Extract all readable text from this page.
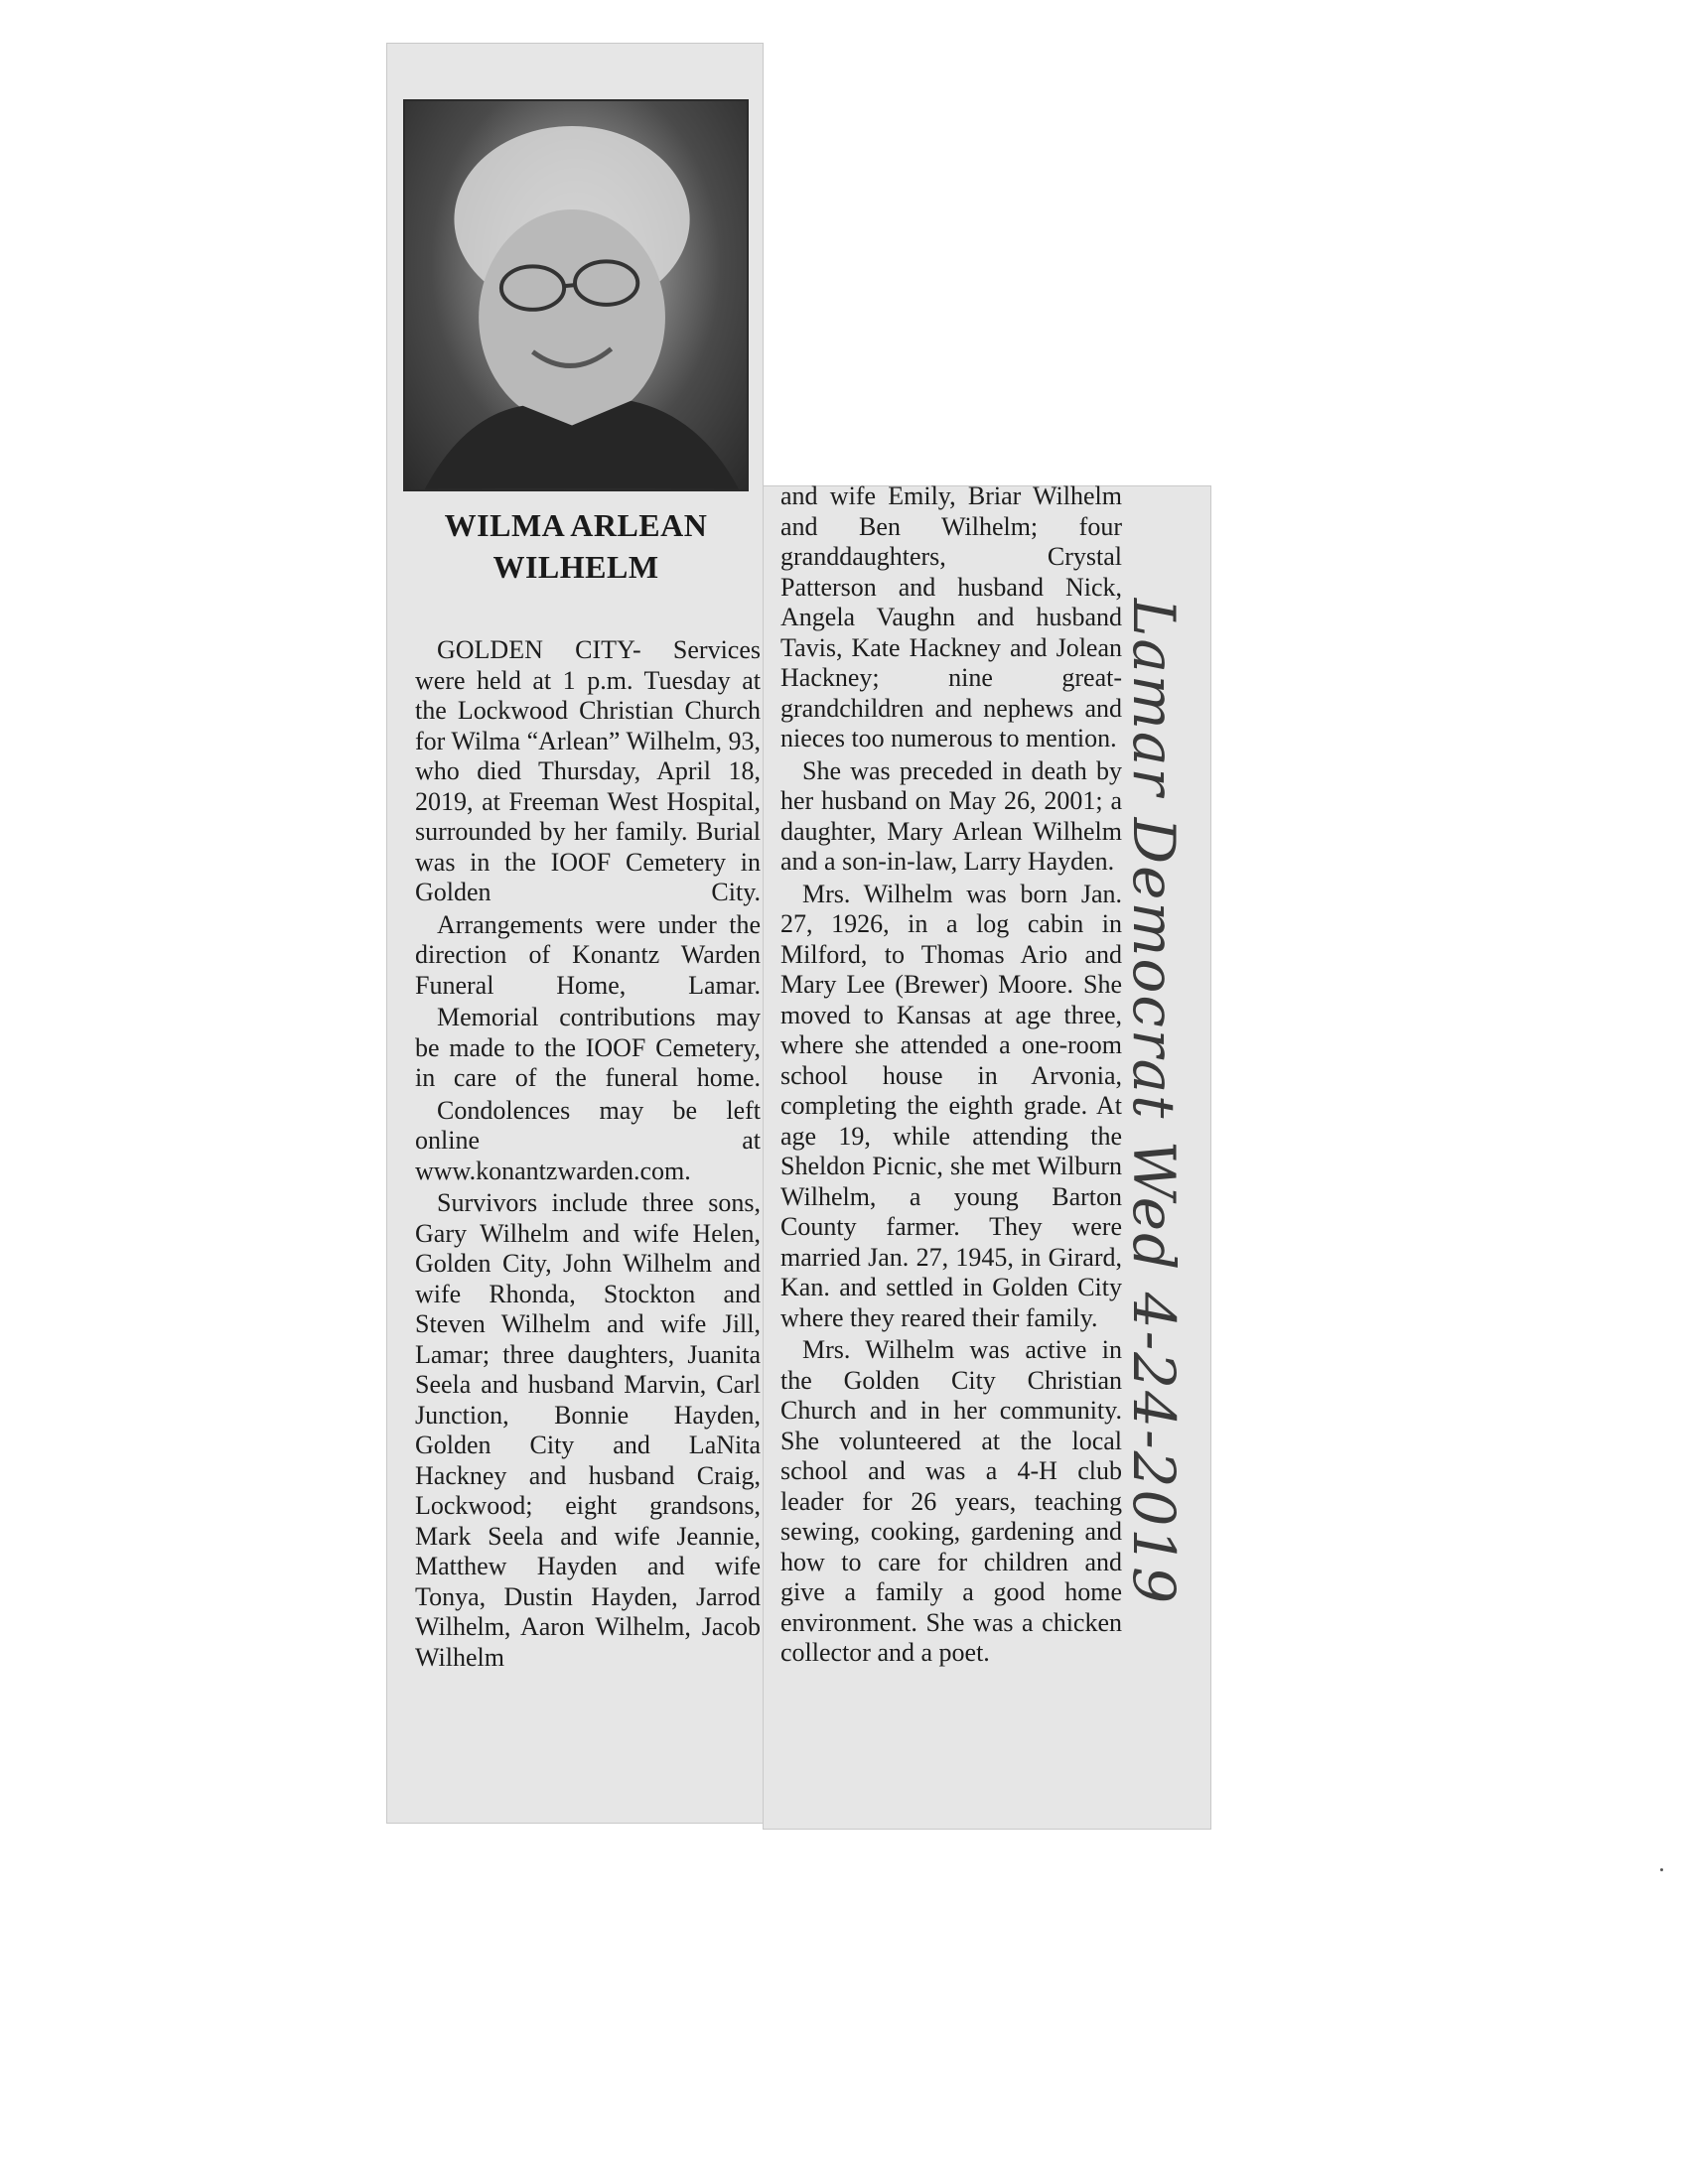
WILMA ARLEAN
WILHELM

GOLDEN CITY- Services were held at 1 p.m. Tuesday at the Lockwood Christian Church for Wilma “Arlean” Wilhelm, 93, who died Thursday, April 18, 2019, at Freeman West Hospital, surrounded by her family. Burial was in the IOOF Cemetery in Golden City.

Arrangements were under the direction of Konantz Warden Funeral Home, Lamar.

Memorial contributions may be made to the IOOF Cemetery, in care of the funeral home.

Condolences may be left online at www.konantzwarden.com.

Survivors include three sons, Gary Wilhelm and wife Helen, Golden City, John Wilhelm and wife Rhonda, Stockton and Steven Wilhelm and wife Jill, Lamar; three daughters, Juanita Seela and husband Marvin, Carl Junction, Bonnie Hayden, Golden City and LaNita Hackney and husband Craig, Lockwood; eight grandsons, Mark Seela and wife Jeannie, Matthew Hayden and wife Tonya, Dustin Hayden, Jarrod Wilhelm, Aaron Wilhelm, Jacob Wilhelm

and wife Emily, Briar Wilhelm and Ben Wilhelm; four granddaughters, Crystal Patterson and husband Nick, Angela Vaughn and husband Tavis, Kate Hackney and Jolean Hackney; nine great-grandchildren and nephews and nieces too numerous to mention.

She was preceded in death by her husband on May 26, 2001; a daughter, Mary Arlean Wilhelm and a son-in-law, Larry Hayden.

Mrs. Wilhelm was born Jan. 27, 1926, in a log cabin in Milford, to Thomas Ario and Mary Lee (Brewer) Moore. She moved to Kansas at age three, where she attended a one-room school house in Arvonia, completing the eighth grade. At age 19, while attending the Sheldon Picnic, she met Wilburn Wilhelm, a young Barton County farmer. They were married Jan. 27, 1945, in Girard, Kan. and settled in Golden City where they reared their family.

Mrs. Wilhelm was active in the Golden City Christian Church and in her community. She volunteered at the local school and was a 4-H club leader for 26 years, teaching sewing, cooking, gardening and how to care for children and give a family a good home environment. She was a chicken collector and a poet.

Lamar Democrat Wed 4-24-2019
